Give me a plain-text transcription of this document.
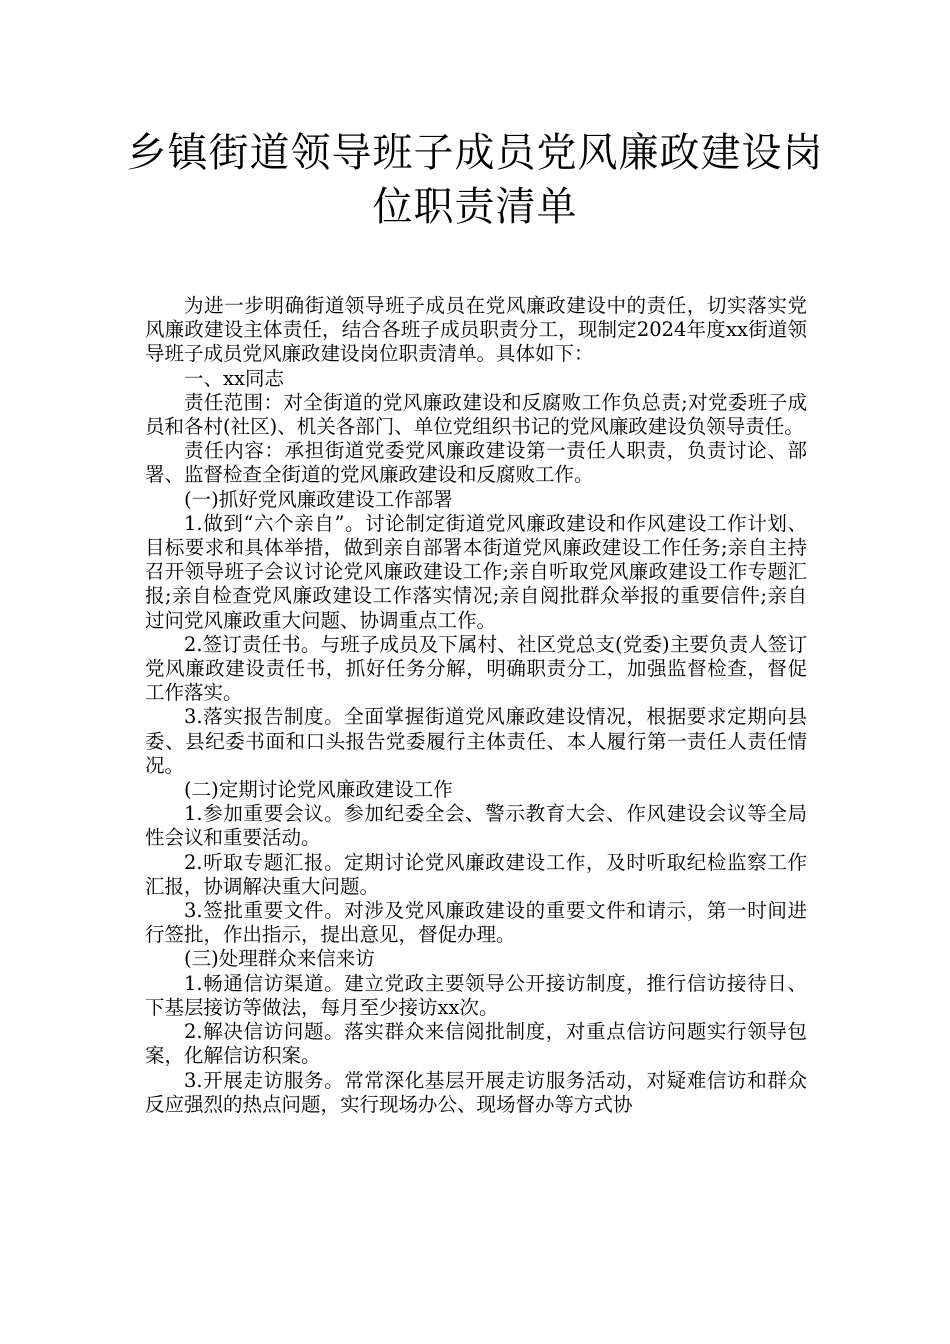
乡镇街道领导班子成员党风廉政建设岗
位职责清单

为进一步明确街道领导班子成员在党风廉政建设中的责任，切实落实党风廉政建设主体责任，结合各班子成员职责分工，现制定2024年度xx街道领导班子成员党风廉政建设岗位职责清单。具体如下：

一、xx同志

责任范围：对全街道的党风廉政建设和反腐败工作负总责;对党委班子成员和各村(社区)、机关各部门、单位党组织书记的党风廉政建设负领导责任。

责任内容：承担街道党委党风廉政建设第一责任人职责，负责讨论、部署、监督检查全街道的党风廉政建设和反腐败工作。

(一)抓好党风廉政建设工作部署

1.做到“六个亲自”。讨论制定街道党风廉政建设和作风建设工作计划、目标要求和具体举措，做到亲自部署本街道党风廉政建设工作任务;亲自主持召开领导班子会议讨论党风廉政建设工作;亲自听取党风廉政建设工作专题汇报;亲自检查党风廉政建设工作落实情况;亲自阅批群众举报的重要信件;亲自过问党风廉政重大问题、协调重点工作。

2.签订责任书。与班子成员及下属村、社区党总支(党委)主要负责人签订党风廉政建设责任书，抓好任务分解，明确职责分工，加强监督检查，督促工作落实。

3.落实报告制度。全面掌握街道党风廉政建设情况，根据要求定期向县委、县纪委书面和口头报告党委履行主体责任、本人履行第一责任人责任情况。

(二)定期讨论党风廉政建设工作

1.参加重要会议。参加纪委全会、警示教育大会、作风建设会议等全局性会议和重要活动。

2.听取专题汇报。定期讨论党风廉政建设工作，及时听取纪检监察工作汇报，协调解决重大问题。

3.签批重要文件。对涉及党风廉政建设的重要文件和请示，第一时间进行签批，作出指示，提出意见，督促办理。

(三)处理群众来信来访

1.畅通信访渠道。建立党政主要领导公开接访制度，推行信访接待日、下基层接访等做法，每月至少接访xx次。

2.解决信访问题。落实群众来信阅批制度，对重点信访问题实行领导包案，化解信访积案。

3.开展走访服务。常常深化基层开展走访服务活动，对疑难信访和群众反应强烈的热点问题，实行现场办公、现场督办等方式协
